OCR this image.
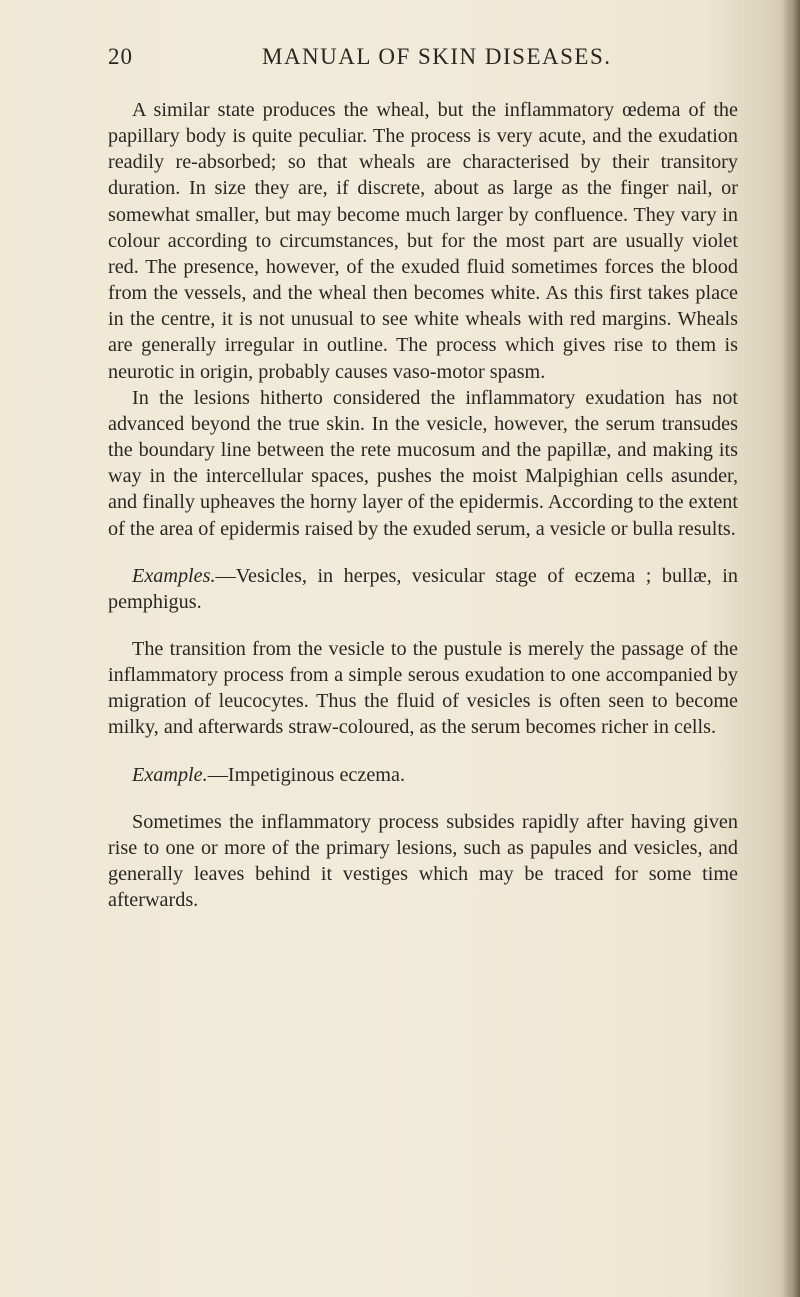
20	MANUAL OF SKIN DISEASES.

A similar state produces the wheal, but the inflammatory œdema of the papillary body is quite peculiar. The process is very acute, and the exudation readily re-absorbed; so that wheals are characterised by their transitory duration. In size they are, if discrete, about as large as the finger nail, or somewhat smaller, but may become much larger by confluence. They vary in colour according to circumstances, but for the most part are usually violet red. The presence, however, of the exuded fluid sometimes forces the blood from the vessels, and the wheal then becomes white. As this first takes place in the centre, it is not unusual to see white wheals with red margins. Wheals are generally irregular in outline. The process which gives rise to them is neurotic in origin, probably causes vaso-motor spasm.

In the lesions hitherto considered the inflammatory exudation has not advanced beyond the true skin. In the vesicle, however, the serum transudes the boundary line between the rete mucosum and the papillæ, and making its way in the intercellular spaces, pushes the moist Malpighian cells asunder, and finally upheaves the horny layer of the epidermis. According to the extent of the area of epidermis raised by the exuded serum, a vesicle or bulla results.

Examples.—Vesicles, in herpes, vesicular stage of eczema ; bullæ, in pemphigus.

The transition from the vesicle to the pustule is merely the passage of the inflammatory process from a simple serous exudation to one accompanied by migration of leucocytes. Thus the fluid of vesicles is often seen to become milky, and afterwards straw-coloured, as the serum becomes richer in cells.

Example.—Impetiginous eczema.

Sometimes the inflammatory process subsides rapidly after having given rise to one or more of the primary lesions, such as papules and vesicles, and generally leaves behind it vestiges which may be traced for some time afterwards.
